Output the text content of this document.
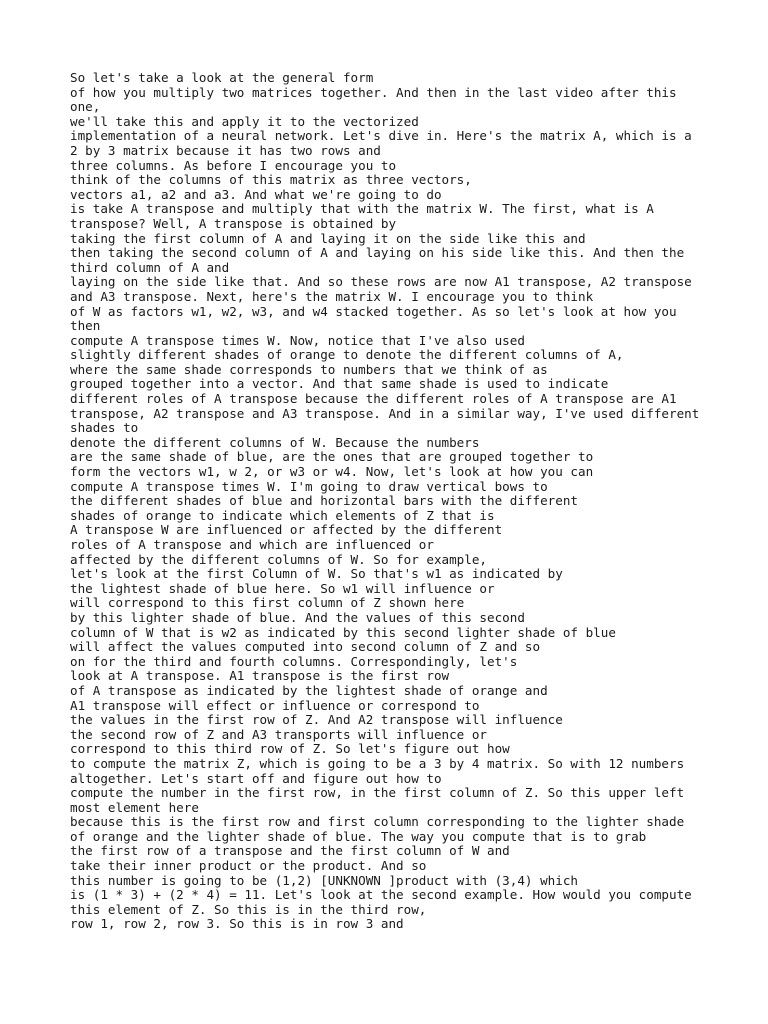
So let's take a look at the general form
of how you multiply two matrices together. And then in the last video after this
one,
we'll take this and apply it to the vectorized
implementation of a neural network. Let's dive in. Here's the matrix A, which is a
2 by 3 matrix because it has two rows and
three columns. As before I encourage you to
think of the columns of this matrix as three vectors,
vectors a1, a2 and a3. And what we're going to do
is take A transpose and multiply that with the matrix W. The first, what is A
transpose? Well, A transpose is obtained by
taking the first column of A and laying it on the side like this and
then taking the second column of A and laying on his side like this. And then the
third column of A and
laying on the side like that. And so these rows are now A1 transpose, A2 transpose
and A3 transpose. Next, here's the matrix W. I encourage you to think
of W as factors w1, w2, w3, and w4 stacked together. As so let's look at how you
then
compute A transpose times W. Now, notice that I've also used
slightly different shades of orange to denote the different columns of A,
where the same shade corresponds to numbers that we think of as
grouped together into a vector. And that same shade is used to indicate
different roles of A transpose because the different roles of A transpose are A1
transpose, A2 transpose and A3 transpose. And in a similar way, I've used different
shades to
denote the different columns of W. Because the numbers
are the same shade of blue, are the ones that are grouped together to
form the vectors w1, w 2, or w3 or w4. Now, let's look at how you can
compute A transpose times W. I'm going to draw vertical bows to
the different shades of blue and horizontal bars with the different
shades of orange to indicate which elements of Z that is
A transpose W are influenced or affected by the different
roles of A transpose and which are influenced or
affected by the different columns of W. So for example,
let's look at the first Column of W. So that's w1 as indicated by
the lightest shade of blue here. So w1 will influence or
will correspond to this first column of Z shown here
by this lighter shade of blue. And the values of this second
column of W that is w2 as indicated by this second lighter shade of blue
will affect the values computed into second column of Z and so
on for the third and fourth columns. Correspondingly, let's
look at A transpose. A1 transpose is the first row
of A transpose as indicated by the lightest shade of orange and
A1 transpose will effect or influence or correspond to
the values in the first row of Z. And A2 transpose will influence
the second row of Z and A3 transports will influence or
correspond to this third row of Z. So let's figure out how
to compute the matrix Z, which is going to be a 3 by 4 matrix. So with 12 numbers
altogether. Let's start off and figure out how to
compute the number in the first row, in the first column of Z. So this upper left
most element here
because this is the first row and first column corresponding to the lighter shade
of orange and the lighter shade of blue. The way you compute that is to grab
the first row of a transpose and the first column of W and
take their inner product or the product. And so
this number is going to be (1,2) [UNKNOWN ]product with (3,4) which
is (1 * 3) + (2 * 4) = 11. Let's look at the second example. How would you compute
this element of Z. So this is in the third row,
row 1, row 2, row 3. So this is in row 3 and
